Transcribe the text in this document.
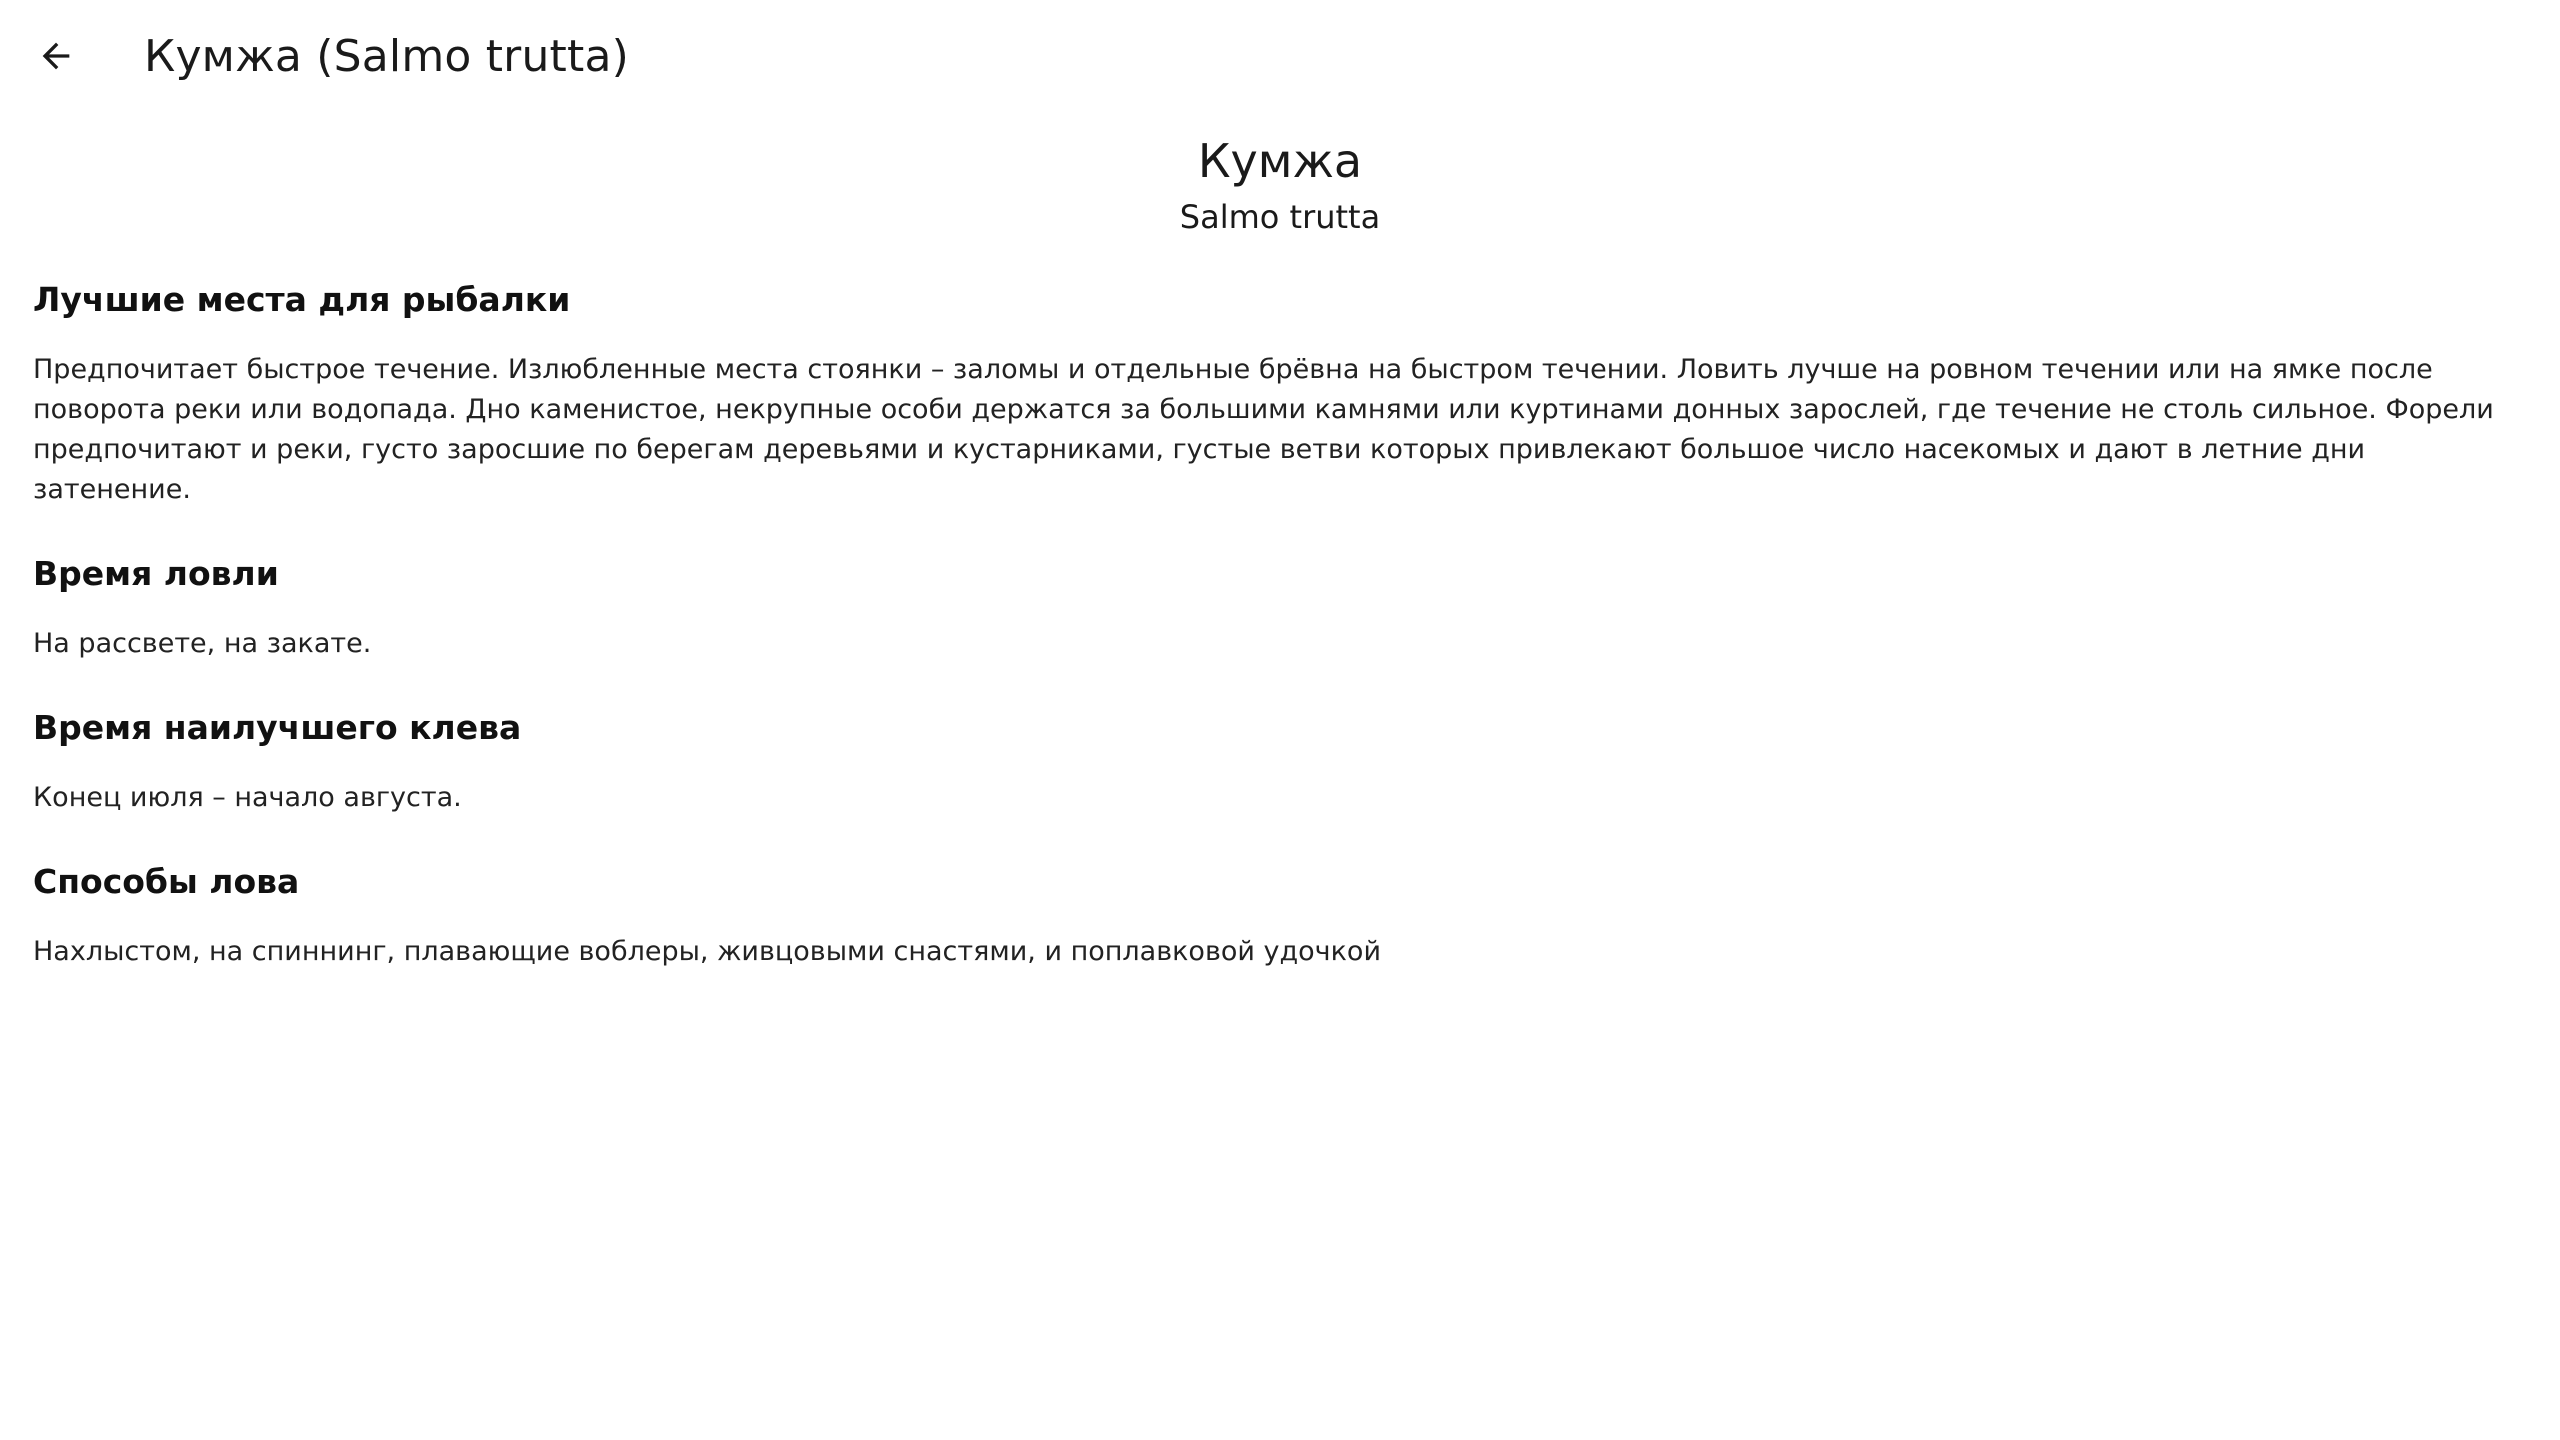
Кумжа (Salmo trutta)
Кумжа
Salmo trutta
Лучшие места для рыбалки

Предпочитает быстрое течение. Излюбленные места стоянки – заломы и отдельные брёвна на быстром течении. Ловить лучше на ровном течении или на ямке после поворота реки или водопада. Дно каменистое, некрупные особи держатся за большими камнями или куртинами донных зарослей, где течение не столь сильное. Форели предпочитают и реки, густо заросшие по берегам деревьями и кустарниками, густые ветви которых привлекают большое число насекомых и дают в летние дни затенение.

Время ловли

На рассвете, на закате.

Время наилучшего клева

Конец июля – начало августа.

Способы лова

Нахлыстом, на спиннинг, плавающие воблеры, живцовыми снастями, и поплавковой удочкой
